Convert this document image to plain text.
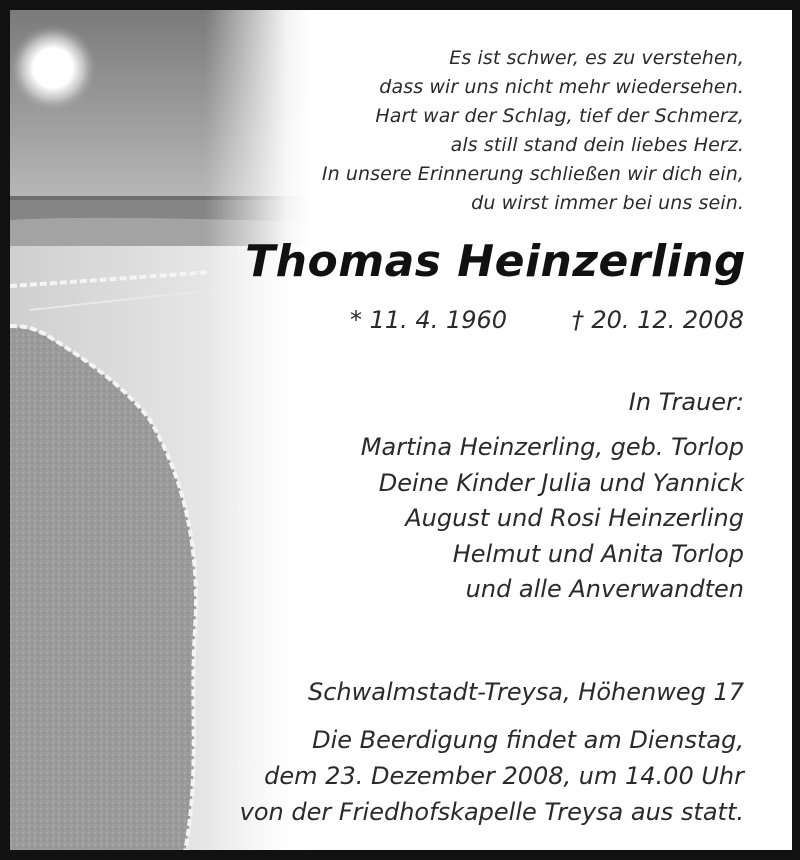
Es ist schwer, es zu verstehen,
dass wir uns nicht mehr wiedersehen.
Hart war der Schlag, tief der Schmerz,
als still stand dein liebes Herz.
In unsere Erinnerung schließen wir dich ein,
du wirst immer bei uns sein.
Thomas Heinzerling
* 11. 4. 1960	† 20. 12. 2008
In Trauer:
Martina Heinzerling, geb. Torlop
Deine Kinder Julia und Yannick
August und Rosi Heinzerling
Helmut und Anita Torlop
und alle Anverwandten
Schwalmstadt-Treysa, Höhenweg 17
Die Beerdigung findet am Dienstag,
dem 23. Dezember 2008, um 14.00 Uhr
von der Friedhofskapelle Treysa aus statt.
